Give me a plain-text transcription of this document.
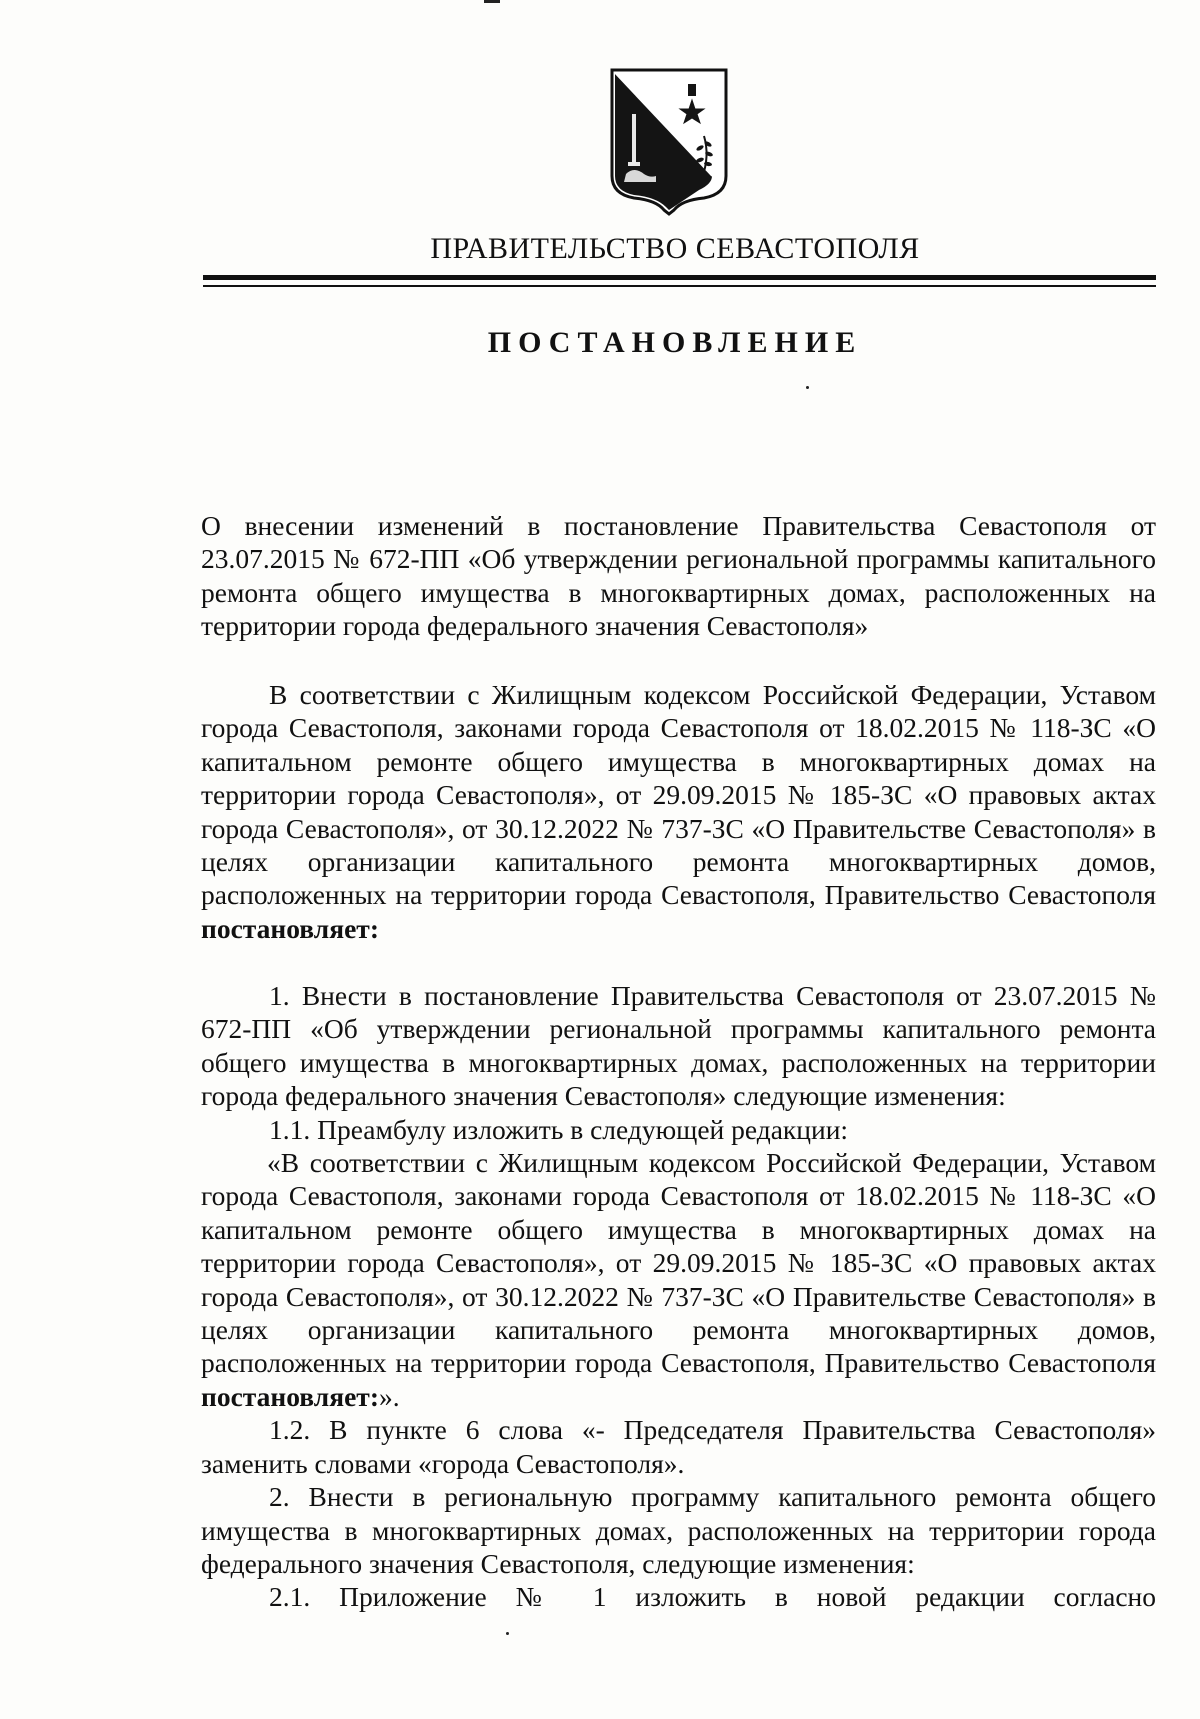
ПРАВИТЕЛЬСТВО СЕВАСТОПОЛЯ
ПОСТАНОВЛЕНИЕ

О внесении изменений в постановление Правительства Севастополя от 23.07.2015 № 672-ПП «Об утверждении региональной программы капитального ремонта общего имущества в многоквартирных домах, расположенных на территории города федерального значения Севастополя»

В соответствии с Жилищным кодексом Российской Федерации, Уставом города Севастополя, законами города Севастополя от 18.02.2015 № 118-ЗС «О капитальном ремонте общего имущества в многоквартирных домах на территории города Севастополя», от 29.09.2015 № 185-ЗС «О правовых актах города Севастополя», от 30.12.2022 № 737-ЗС «О Правительстве Севастополя» в целях организации капитального ремонта многоквартирных домов, расположенных на территории города Севастополя, Правительство Севастополя постановляет:

1. Внести в постановление Правительства Севастополя от 23.07.2015 № 672-ПП «Об утверждении региональной программы капитального ремонта общего имущества в многоквартирных домах, расположенных на территории города федерального значения Севастополя» следующие изменения:

1.1. Преамбулу изложить в следующей редакции:

«В соответствии с Жилищным кодексом Российской Федерации, Уставом города Севастополя, законами города Севастополя от 18.02.2015 № 118-ЗС «О капитальном ремонте общего имущества в многоквартирных домах на территории города Севастополя», от 29.09.2015 № 185-ЗС «О правовых актах города Севастополя», от 30.12.2022 № 737-ЗС «О Правительстве Севастополя» в целях организации капитального ремонта многоквартирных домов, расположенных на территории города Севастополя, Правительство Севастополя постановляет:».

1.2. В пункте 6 слова «- Председателя Правительства Севастополя» заменить словами «города Севастополя».

2. Внести в региональную программу капитального ремонта общего имущества в многоквартирных домах, расположенных на территории города федерального значения Севастополя, следующие изменения:

2.1. Приложение № 1 изложить в новой редакции согласно
